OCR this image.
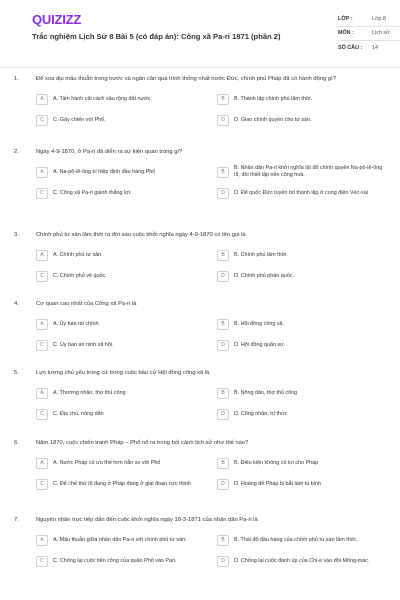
QUIZIZZ
Trắc nghiệm Lịch Sử 8 Bài 5 (có đáp án): Công xã Pa-ri 1871 (phần 2)
LỚP :	Lớp 8
MÔN :	Lịch sử
SỐ CÂU : 14
1.	Để xoa dịu mâu thuẫn trong nước và ngăn cản quá trình thống nhất nước Đức, chính phủ Pháp đã có hành động gì?
A	A. Tiến hành cải cách sâu rộng đất nước.	B	B. Thành lập chính phủ lâm thời.
C	C. Gây chiến với Phổ.	D	D. Giao chính quyền cho tư sản.
2.	Ngày 4-9-1870, ở Pa-ri đã diễn ra sự kiện quan trọng gì?
A	A. Na-pô-lê-ông kí hiệp định đầu hàng Phổ	B
B. Nhân dân Pa-ri khởi nghĩa lật đổ chính quyền Na-pô-lê-ông III, đòi thiết lập nền cộng hoà.
C	C. Công xã Pa-ri giành thắng lợi.	D	D. Để quốc Đức tuyên bố thành lập ở cung điện Véc-xai
3.	Chính phủ tư sản lâm thời ra đời sau cuộc khởi nghĩa ngày 4-9-1870 có tên gọi là
A	A. Chính phủ tư sản.	B	B. Chính phủ lâm thời.
C	C. Chính phủ vệ quốc.	D	D. Chính phủ phản quốc.
4.	Cơ quan cao nhất của Công xã Pa-ri là
A	A. Ủy ban tài chính.	B	B. Hội đồng công xã.
C	C. Ủy ban an ninh xã hội.	D	D. Hội đồng quân sự.
5.	Lực lượng chủ yếu trúng cử trong cuộc bầu cử Hội đồng công xã là
A	A. Thương nhân, thợ thủ công	B	B. Nông dân, thợ thủ công
C	C. Địa chủ, nông dân	D	D. Công nhân, trí thức
6.	Năm 1870, cuộc chiến tranh Pháp – Phổ nổ ra trong bối cảnh lịch sử như thế nào?
A	A. Nước Pháp có ưu thế hơn hẳn so với Phổ	B	B. Điều kiện không có lợi cho Pháp
C	C. Để chế thứ III đang ở Pháp đang ở giai đoạn cực thịnh	D	D. Hoàng đế Pháp bị bắt làm tù binh
7.	Nguyên nhân trực tiếp dẫn đến cuộc khởi nghĩa ngày 18-3-1871 của nhân dân Pa-ri là
A	A. Mâu thuẫn giữa nhân dân Pa-ri với chính phủ tư sản.	B	B. Thái độ đầu hàng của chính phủ tư sản lâm thời.
C	C. Chống lại cuộc tiến công của quân Phổ vào Pari.	D	D. Chống lại cuộc đánh úp của Chi-e vào đồi Mông-mác.
